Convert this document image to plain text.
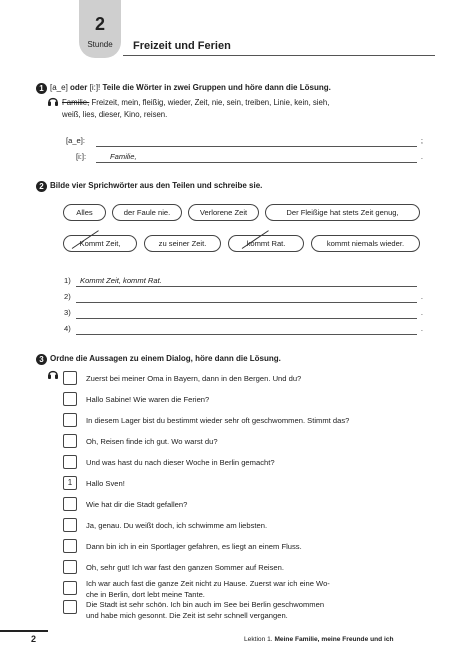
2
Stunde	Freizeit und Ferien
1 [a_e] oder [i:]! Teile die Wörter in zwei Gruppen und höre dann die Lösung.
Familie, Freizeit, mein, fleißig, wieder, Zeit, nie, sein, treiben, Linie, kein, sieh,
weiß, lies, dieser, Kino, reisen.
[a_e]:	;
[i:]:	Familie,	.
2 Bilde vier Sprichwörter aus den Teilen und schreibe sie.
Alles	der Faule nie.	Verlorene Zeit	Der Fleißige hat stets Zeit genug,
Kommt Zeit,	zu seiner Zeit.	kommt Rat.	kommt niemals wieder.
1) Kommt Zeit, kommt Rat.
2)	.
3)	.
4)	.
3 Ordne die Aussagen zu einem Dialog, höre dann die Lösung.
Zuerst bei meiner Oma in Bayern, dann in den Bergen. Und du?
Hallo Sabine! Wie waren die Ferien?
In diesem Lager bist du bestimmt wieder sehr oft geschwommen. Stimmt das?
Oh, Reisen finde ich gut. Wo warst du?
Und was hast du nach dieser Woche in Berlin gemacht?
1	Hallo Sven!
Wie hat dir die Stadt gefallen?
Ja, genau. Du weißt doch, ich schwimme am liebsten.
Dann bin ich in ein Sportlager gefahren, es liegt an einem Fluss.
Oh, sehr gut! Ich war fast den ganzen Sommer auf Reisen.
Ich war auch fast die ganze Zeit nicht zu Hause. Zuerst war ich eine Wo-
che in Berlin, dort lebt meine Tante.
Die Stadt ist sehr schön. Ich bin auch im See bei Berlin geschwommen
und habe mich gesonnt. Die Zeit ist sehr schnell vergangen.
2	Lektion 1. Meine Familie, meine Freunde und ich
